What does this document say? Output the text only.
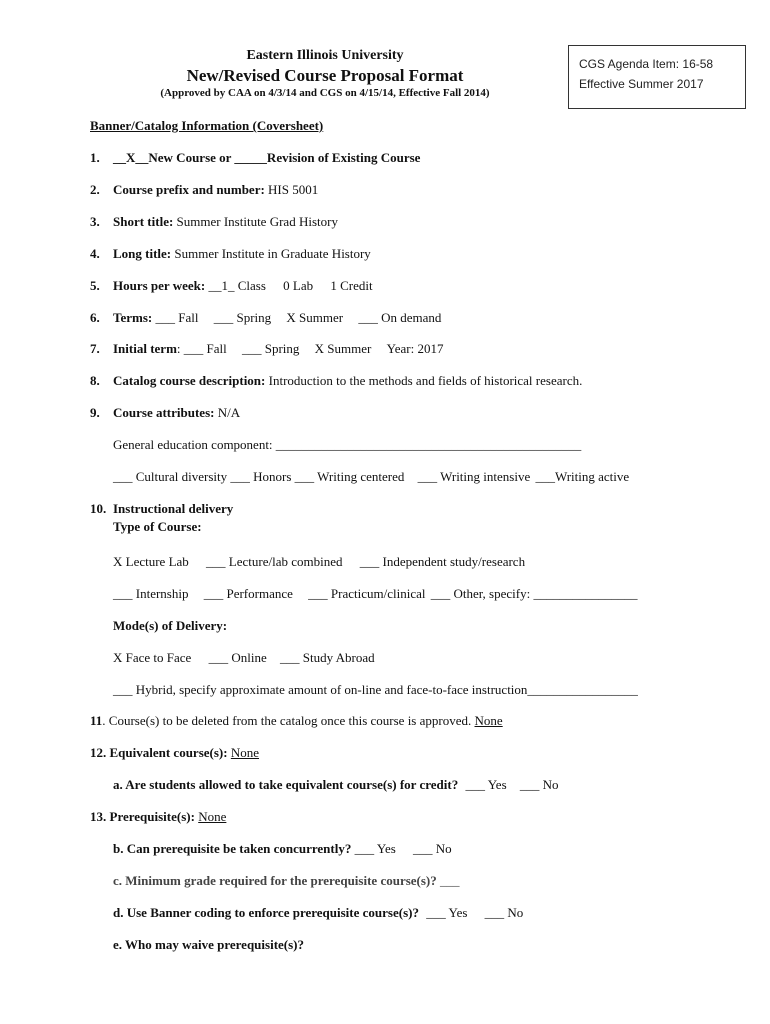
Eastern Illinois University
New/Revised Course Proposal Format
(Approved by CAA on 4/3/14 and CGS on 4/15/14, Effective Fall 2014)
CGS Agenda Item: 16-58
Effective Summer 2017
Banner/Catalog Information (Coversheet)
1. __X__New Course or _____Revision of Existing Course
2. Course prefix and number: HIS 5001
3. Short title: Summer Institute Grad History
4. Long title: Summer Institute in Graduate History
5. Hours per week: __1_ Class 0 Lab 1 Credit
6. Terms: ___ Fall ___ Spring X Summer ___ On demand
7. Initial term: ___ Fall ___ Spring X Summer Year: 2017
8. Catalog course description: Introduction to the methods and fields of historical research.
9. Course attributes: N/A
General education component: _______________________________________________
___ Cultural diversity ___ Honors ___ Writing centered ___ Writing intensive ___Writing active
10. Instructional delivery
Type of Course:
X Lecture Lab ___ Lecture/lab combined ___ Independent study/research
___ Internship ___ Performance ___ Practicum/clinical ___ Other, specify: ________________
Mode(s) of Delivery:
X Face to Face ___ Online ___ Study Abroad
___ Hybrid, specify approximate amount of on-line and face-to-face instruction_________________
11. Course(s) to be deleted from the catalog once this course is approved. None
12. Equivalent course(s): None
a. Are students allowed to take equivalent course(s) for credit? ___ Yes ___ No
13. Prerequisite(s): None
b. Can prerequisite be taken concurrently? ___ Yes ___ No
c. Minimum grade required for the prerequisite course(s)? ___
d. Use Banner coding to enforce prerequisite course(s)? ___ Yes ___ No
e. Who may waive prerequisite(s)?
